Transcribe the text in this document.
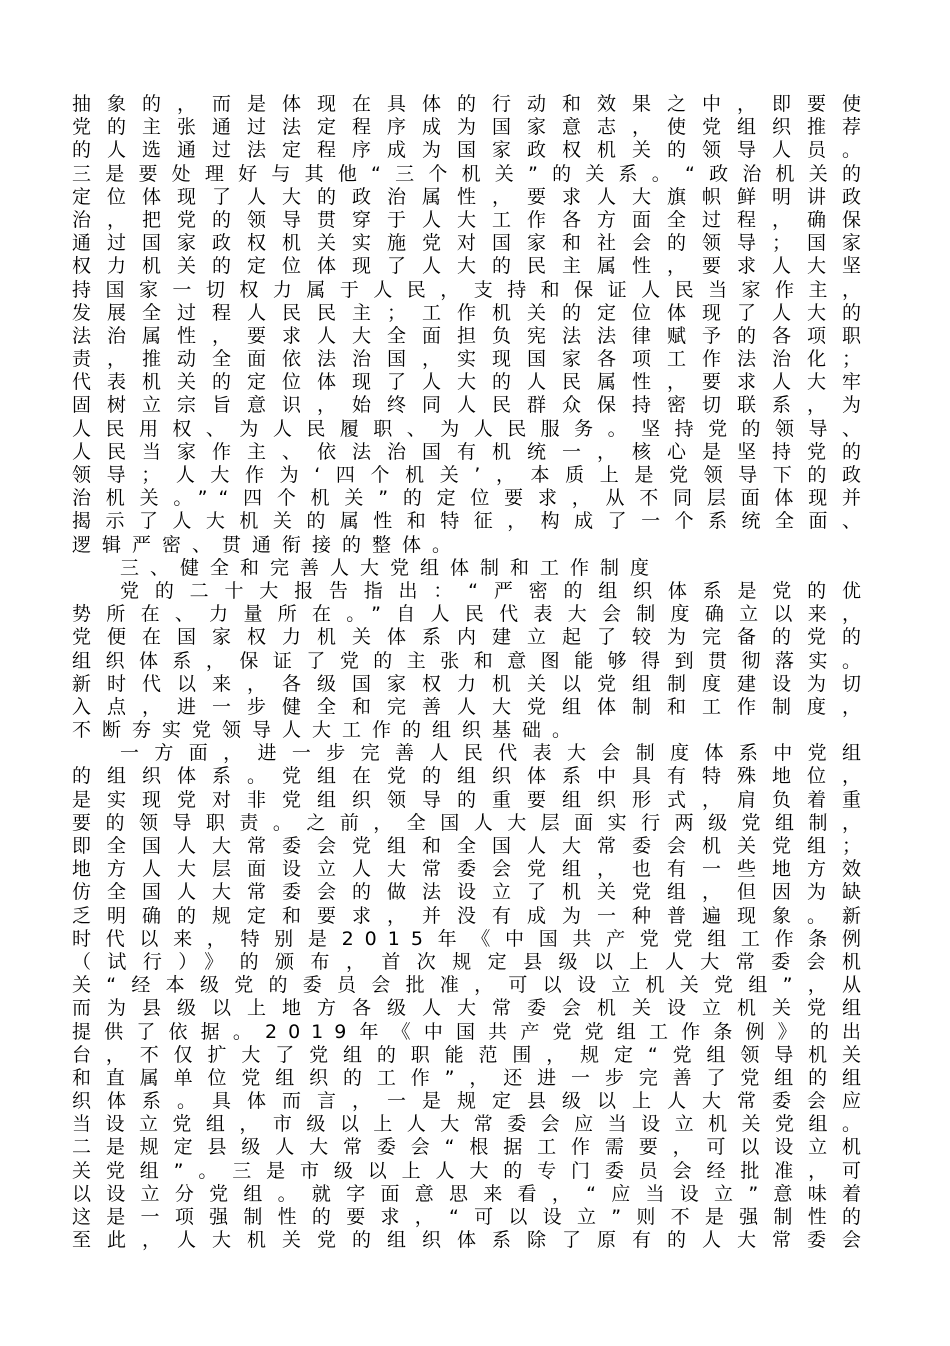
抽象的，而是体现在具体的行动和效果之中，即要使
党的主张通过法定程序成为国家意志，使党组织推荐
的人选通过法定程序成为国家政权机关的领导人员。
三是要处理好与其他“三个机关”的关系。“政治机关的
定位体现了人大的政治属性，要求人大旗帜鲜明讲政
治，把党的领导贯穿于人大工作各方面全过程，确保
通过国家政权机关实施党对国家和社会的领导；国家
权力机关的定位体现了人大的民主属性，要求人大坚
持国家一切权力属于人民，支持和保证人民当家作主，
发展全过程人民民主；工作机关的定位体现了人大的
法治属性，要求人大全面担负宪法法律赋予的各项职
责，推动全面依法治国，实现国家各项工作法治化；
代表机关的定位体现了人大的人民属性，要求人大牢
固树立宗旨意识，始终同人民群众保持密切联系，为
人民用权、为人民履职、为人民服务。坚持党的领导、
人民当家作主、依法治国有机统一，核心是坚持党的
领导；人大作为‘四个机关’，本质上是党领导下的政
治机关。”“四个机关”的定位要求，从不同层面体现并
揭示了人大机关的属性和特征，构成了一个系统全面、
逻辑严密、贯通衔接的整体。
三、健全和完善人大党组体制和工作制度
党的二十大报告指出：“严密的组织体系是党的优
势所在、力量所在。”自人民代表大会制度确立以来，
党便在国家权力机关体系内建立起了较为完备的党的
组织体系，保证了党的主张和意图能够得到贯彻落实。
新时代以来，各级国家权力机关以党组制度建设为切
入点，进一步健全和完善人大党组体制和工作制度，
不断夯实党领导人大工作的组织基础。
一方面，进一步完善人民代表大会制度体系中党组
的组织体系。党组在党的组织体系中具有特殊地位，
是实现党对非党组织领导的重要组织形式，肩负着重
要的领导职责。之前，全国人大层面实行两级党组制，
即全国人大常委会党组和全国人大常委会机关党组；
地方人大层面设立人大常委会党组，也有一些地方效
仿全国人大常委会的做法设立了机关党组，但因为缺
乏明确的规定和要求，并没有成为一种普遍现象。新
时代以来，特别是2015年《中国共产党党组工作条例
（试行）》的颁布，首次规定县级以上人大常委会机
关“经本级党的委员会批准，可以设立机关党组”，从
而为县级以上地方各级人大常委会机关设立机关党组
提供了依据。2019年《中国共产党党组工作条例》的出
台，不仅扩大了党组的职能范围，规定“党组领导机关
和直属单位党组织的工作”，还进一步完善了党组的组
织体系。具体而言，一是规定县级以上人大常委会应
当设立党组，市级以上人大常委会应当设立机关党组。
二是规定县级人大常委会“根据工作需要，可以设立机
关党组”。三是市级以上人大的专门委员会经批准，可
以设立分党组。就字面意思来看，“应当设立”意味着
这是一项强制性的要求，“可以设立”则不是强制性的
至此，人大机关党的组织体系除了原有的人大常委会
